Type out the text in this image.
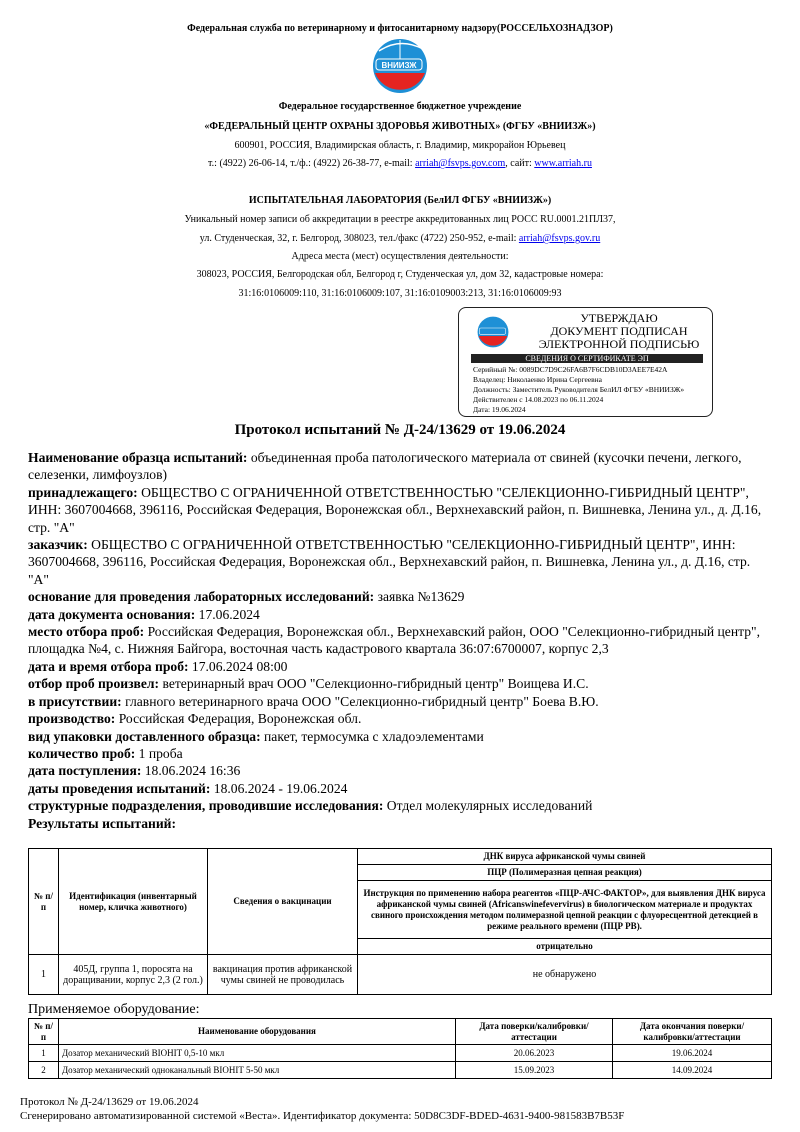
Федеральная служба по ветеринарному и фитосанитарному надзору(РОССЕЛЬХОЗНАДЗОР)
ВНИИЗЖ
Федеральное государственное бюджетное учреждение
«ФЕДЕРАЛЬНЫЙ ЦЕНТР ОХРАНЫ ЗДОРОВЬЯ ЖИВОТНЫХ» (ФГБУ «ВНИИЗЖ»)
600901, РОССИЯ, Владимирская область, г. Владимир, микрорайон Юрьевец
т.: (4922) 26-06-14, т./ф.: (4922) 26-38-77, e-mail: arriah@fsvps.gov.com, сайт: www.arriah.ru
ИСПЫТАТЕЛЬНАЯ ЛАБОРАТОРИЯ (БелИЛ ФГБУ «ВНИИЗЖ»)
Уникальный номер записи об аккредитации в реестре аккредитованных лиц РОСС RU.0001.21ПЛ37,
ул. Студенческая, 32, г. Белгород, 308023, тел./факс (4722) 250-952, e-mail: arriah@fsvps.gov.ru
Адреса места (мест) осуществления деятельности:
308023, РОССИЯ, Белгородская обл, Белгород г, Студенческая ул, дом 32, кадастровые номера:
31:16:0106009:110, 31:16:0106009:107, 31:16:0109003:213, 31:16:0106009:93
УТВЕРЖДАЮ
ДОКУМЕНТ ПОДПИСАН
ЭЛЕКТРОННОЙ ПОДПИСЬЮ
СВЕДЕНИЯ О СЕРТИФИКАТЕ ЭП
Серийный №: 0089DC7D9C26FA6B7F6CDB10D3AEE7E42A
Владелец: Николаенко Ирина Сергеевна
Должность: Заместитель Руководителя БелИЛ ФГБУ «ВНИИЗЖ»
Действителен с 14.08.2023 по 06.11.2024
Дата: 19.06.2024
Протокол испытаний № Д-24/13629 от 19.06.2024
Наименование образца испытаний: объединенная проба патологического материала от свиней (кусочки печени, легкого, селезенки, лимфоузлов)
принадлежащего: ОБЩЕСТВО С ОГРАНИЧЕННОЙ ОТВЕТСТВЕННОСТЬЮ "СЕЛЕКЦИОННО-ГИБРИДНЫЙ ЦЕНТР", ИНН: 3607004668, 396116, Российская Федерация, Воронежская обл., Верхнехавский район, п. Вишневка, Ленина ул., д. Д.16, стр. "А"
заказчик: ОБЩЕСТВО С ОГРАНИЧЕННОЙ ОТВЕТСТВЕННОСТЬЮ "СЕЛЕКЦИОННО-ГИБРИДНЫЙ ЦЕНТР", ИНН: 3607004668, 396116, Российская Федерация, Воронежская обл., Верхнехавский район, п. Вишневка, Ленина ул., д. Д.16, стр. "А"
основание для проведения лабораторных исследований: заявка №13629
дата документа основания: 17.06.2024
место отбора проб: Российская Федерация, Воронежская обл., Верхнехавский район, ООО "Селекционно-гибридный центр", площадка №4, с. Нижняя Байгора, восточная часть кадастрового квартала 36:07:6700007, корпус 2,3
дата и время отбора проб: 17.06.2024 08:00
отбор проб произвел: ветеринарный врач ООО "Селекционно-гибридный центр" Воищева И.С.
в присутствии: главного ветеринарного врача ООО "Селекционно-гибридный центр" Боева В.Ю.
производство: Российская Федерация, Воронежская обл.
вид упаковки доставленного образца: пакет, термосумка с хладоэлементами
количество проб: 1 проба
дата поступления: 18.06.2024 16:36
даты проведения испытаний: 18.06.2024 - 19.06.2024
структурные подразделения, проводившие исследования: Отдел молекулярных исследований
Результаты испытаний:
№ п/п	Идентификация (инвентарный номер, кличка животного)	Сведения о вакцинации	ДНК вируса африканской чумы свиней
			ПЦР (Полимеразная цепная реакция)
			Инструкция по применению набора реагентов «ПЦР-АЧС-ФАКТОР», для выявления ДНК вируса африканской чумы свиней (Africanswinefevervirus) в биологическом материале и продуктах свиного происхождения методом полимеразной цепной реакции с флуоресцентной детекцией в режиме реального времени (ПЦР РВ).
			отрицательно
1	405Д, группа 1, поросята на доращивании, корпус 2,3 (2 гол.)	вакцинация против африканской чумы свиней не проводилась	не обнаружено
Применяемое оборудование:
№ п/п	Наименование оборудования	Дата поверки/калибровки/аттестации	Дата окончания поверки/калибровки/аттестации
1	Дозатор механический BIOHIT 0,5-10 мкл	20.06.2023	19.06.2024
2	Дозатор механический одноканальный BIOHIT 5-50 мкл	15.09.2023	14.09.2024
Протокол № Д-24/13629 от 19.06.2024
Сгенерировано автоматизированной системой «Веста». Идентификатор документа: 50D8C3DF-BDED-4631-9400-981583B7B53F
